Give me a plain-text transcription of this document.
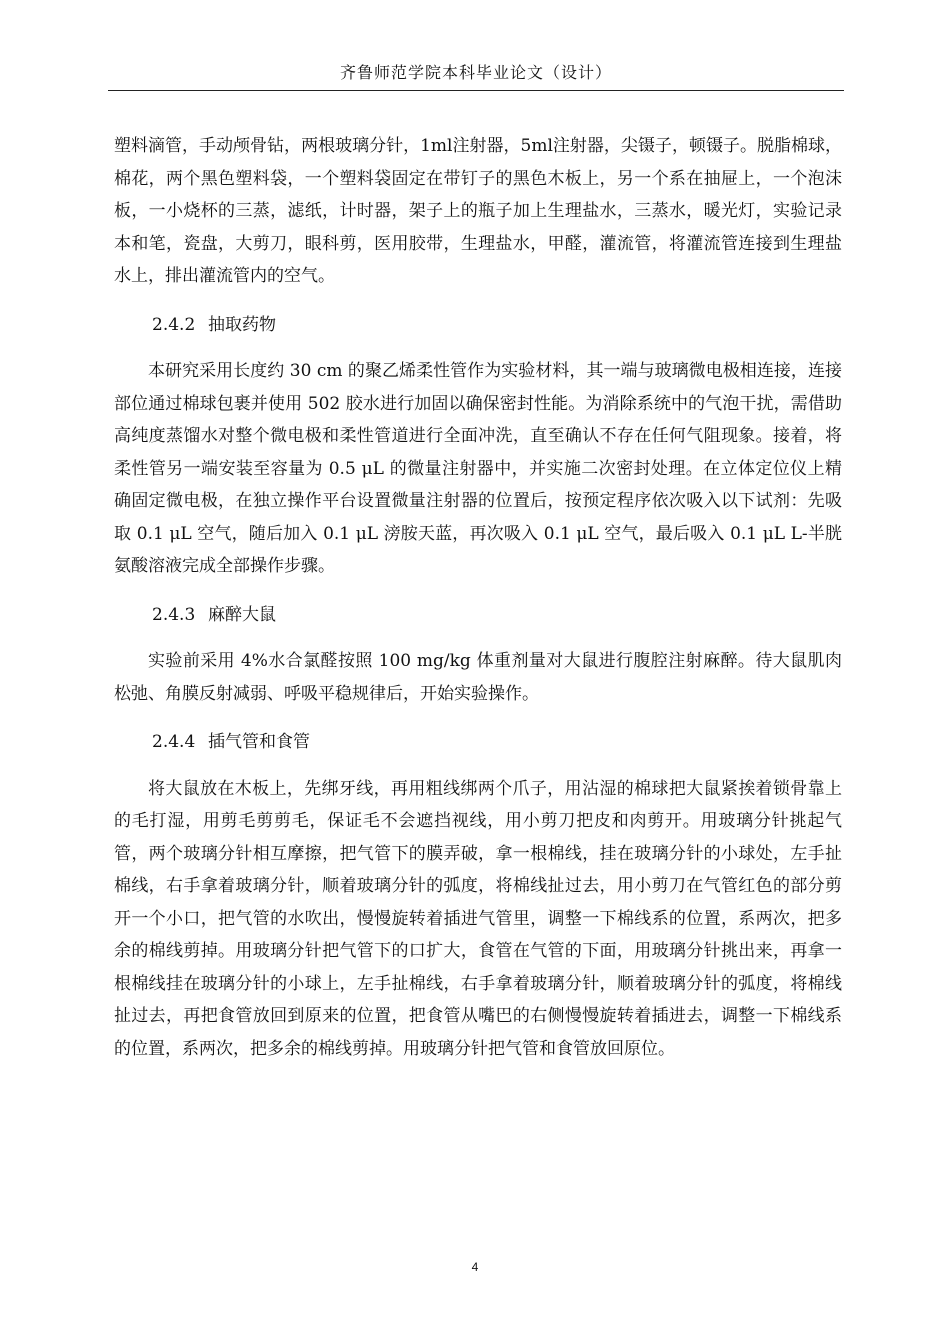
齐鲁师范学院本科毕业论文（设计）

塑料滴管，手动颅骨钻，两根玻璃分针，1ml注射器，5ml注射器，尖镊子，顿镊子。脱脂棉球，棉花，两个黑色塑料袋，一个塑料袋固定在带钉子的黑色木板上，另一个系在抽屉上，一个泡沫板，一小烧杯的三蒸，滤纸，计时器，架子上的瓶子加上生理盐水，三蒸水，暖光灯，实验记录本和笔，瓷盘，大剪刀，眼科剪，医用胶带，生理盐水，甲醛，灌流管，将灌流管连接到生理盐水上，排出灌流管内的空气。

2.4.2 抽取药物

本研究采用长度约 30 cm 的聚乙烯柔性管作为实验材料，其一端与玻璃微电极相连接，连接部位通过棉球包裹并使用 502 胶水进行加固以确保密封性能。为消除系统中的气泡干扰，需借助高纯度蒸馏水对整个微电极和柔性管道进行全面冲洗，直至确认不存在任何气阻现象。接着，将柔性管另一端安装至容量为 0.5 μL 的微量注射器中，并实施二次密封处理。在立体定位仪上精确固定微电极，在独立操作平台设置微量注射器的位置后，按预定程序依次吸入以下试剂：先吸取 0.1 μL 空气，随后加入 0.1 μL 滂胺天蓝，再次吸入 0.1 μL 空气，最后吸入 0.1 μL L-半胱氨酸溶液完成全部操作步骤。

2.4.3 麻醉大鼠

实验前采用 4%水合氯醛按照 100 mg/kg 体重剂量对大鼠进行腹腔注射麻醉。待大鼠肌肉松弛、角膜反射减弱、呼吸平稳规律后，开始实验操作。

2.4.4 插气管和食管

将大鼠放在木板上，先绑牙线，再用粗线绑两个爪子，用沾湿的棉球把大鼠紧挨着锁骨靠上的毛打湿，用剪毛剪剪毛，保证毛不会遮挡视线，用小剪刀把皮和肉剪开。用玻璃分针挑起气管，两个玻璃分针相互摩擦，把气管下的膜弄破，拿一根棉线，挂在玻璃分针的小球处，左手扯棉线，右手拿着玻璃分针，顺着玻璃分针的弧度，将棉线扯过去，用小剪刀在气管红色的部分剪开一个小口，把气管的水吹出，慢慢旋转着插进气管里，调整一下棉线系的位置，系两次，把多余的棉线剪掉。用玻璃分针把气管下的口扩大，食管在气管的下面，用玻璃分针挑出来，再拿一根棉线挂在玻璃分针的小球上，左手扯棉线，右手拿着玻璃分针，顺着玻璃分针的弧度，将棉线扯过去，再把食管放回到原来的位置，把食管从嘴巴的右侧慢慢旋转着插进去，调整一下棉线系的位置，系两次，把多余的棉线剪掉。用玻璃分针把气管和食管放回原位。

4
